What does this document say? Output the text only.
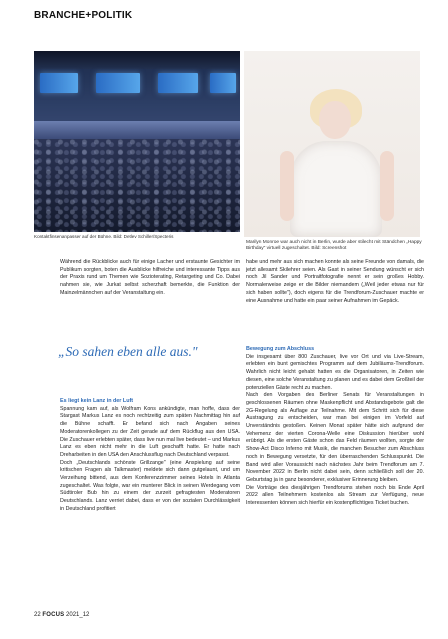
BRANCHE+POLITIK
Kontaktfinsenanpasser auf der Bühne. Bild: Detlev Schiller/Specteris
Marilyn Monroe war auch nicht in Berlin, wurde aber stilecht mit Ständchen „Happy Birthday" virtuell zugeschaltet. Bild: Screenshot

Während die Rückblicke auch für einige Lacher und erstaunte Gesichter im Publikum sorgten, boten die Ausblicke hilfreiche und interessante Tipps aus der Praxis rund um Themen wie Sozioterating, Retargeting und Co. Dabei nahmen sie, wie Jurkat selbst scherzhaft bemerkte, die Funktion der Mainzelmännchen auf der Veranstaltung ein.

„So sahen eben alle aus."

Es liegt kein Lanz in der Luft

Spannung kam auf, als Wolfram Kons ankündigte, man hoffe, dass der Stargast Markus Lanz es noch rechtzeitig zum späten Nachmittag hin auf die Bühne schafft. Er befand sich nach Angaben seines Moderatorenkollegen zu der Zeit gerade auf dem Rückflug aus den USA. Die Zuschauer erlebten später, dass live nun mal live bedeutet – und Markus Lanz es eben nicht mehr in die Luft geschafft hatte. Er hatte nach Dreharbeiten in den USA den Anschlussflug nach Deutschland verpasst.

Doch „Deutschlands schönste Grillzange" (eine Anspielung auf seine kritischen Fragen als Talkmaster) meldete sich dann gutgelaunt, und um Verzeihung bittend, aus dem Konferenzzimmer seines Hotels in Atlanta zugeschaltet. Was folgte, war ein munterer Blick in seinen Werdegang vom Südtiroler Bub hin zu einem der zurzeit gefragtesten Moderatoren Deutschlands. Lanz verriet dabei, dass er von der sozialen Durchlässigkeit in Deutschland profitiert

habe und mehr aus sich machen konnte als seine Freunde von damals, die jetzt allesamt Skilehrer seien. Als Gast in seiner Sendung wünscht er sich noch Jil Sander und Portraitfotografie nennt er sein großes Hobby. Normalerweise zeige er die Bilder niemandem („Weil jeder etwas nur für sich haben sollte"), doch eigens für die Trendforum-Zuschauer machte er eine Ausnahme und hatte ein paar seiner Aufnahmen im Gepäck.

Bewegung zum Abschluss

Die insgesamt über 800 Zuschauer, live vor Ort und via Live-Stream, erlebten ein bunt gemischtes Programm auf dem Jubiläums-Trendforum. Wahrlich nicht leicht gehabt hatten es die Organisatoren, in Zeiten wie diesen, eine solche Veranstaltung zu planen und es dabei dem Großteil der potenziellen Gäste recht zu machen.

Nach den Vorgaben des Berliner Senats für Veranstaltungen in geschlossenen Räumen ohne Maskenpflicht und Abstandsgebote galt die 2G-Regelung als Auflage zur Teilnahme. Mit dem Schritt sich für diese Austragung zu entscheiden, war man bei einigen im Vorfeld auf Unverständnis gestoßen. Keinen Monat später hätte sich aufgrund der Vehemenz der vierten Corona-Welle eine Diskussion hierüber wohl erübrigt. Als die ersten Gäste schon das Feld räumen wollten, sorgte der Show-Act Disco Inferno mit Musik, die manchen Besucher zum Abschluss noch in Bewegung versetzte, für den überraschenden Schlusspunkt. Die Band wird aller Voraussicht nach nächstes Jahr beim Trendforum am 7. November 2022 in Berlin nicht dabei sein, denn schließlich soll der 20. Geburtstag ja in ganz besonderer, exklusiver Erinnerung bleiben.

Die Vorträge des diesjährigen Trendforums stehen noch bis Ende April 2022 allen Teilnehmern kostenlos als Stream zur Verfügung, neue Interessenten können sich hierfür ein kostenpflichtiges Ticket buchen.

22 FOCUS 2021_12
